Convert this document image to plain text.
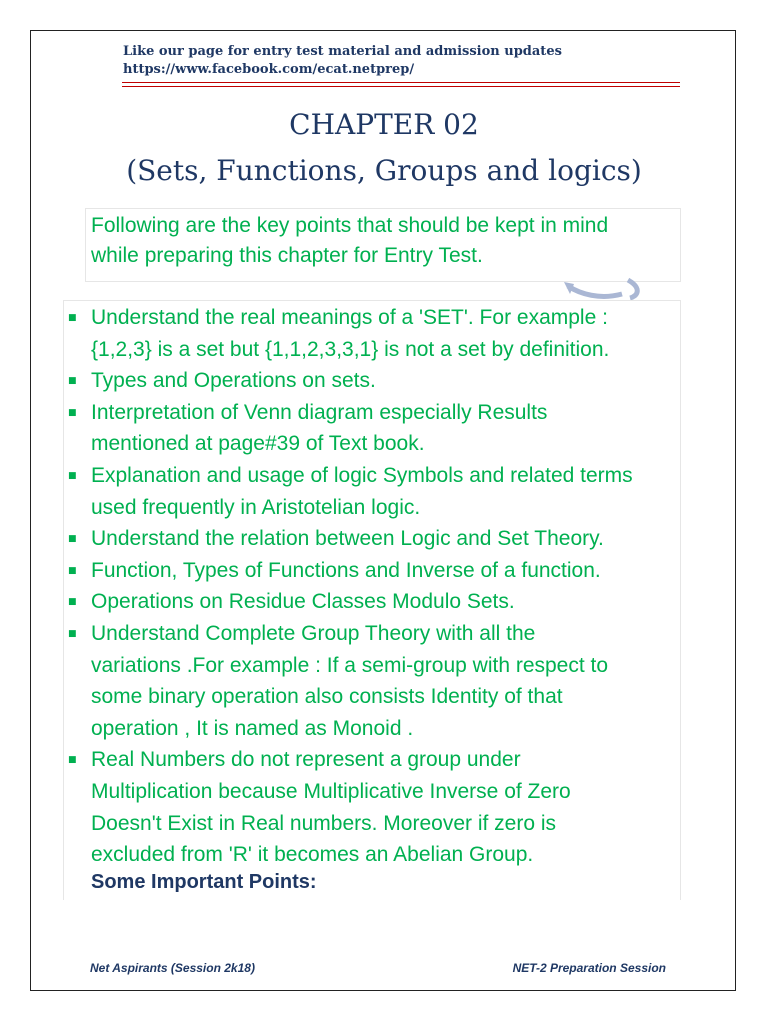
Like our page for entry test material and admission updates
https://www.facebook.com/ecat.netprep/
CHAPTER 02
(Sets, Functions, Groups and logics)
Following are the key points that should be kept in mind
while preparing this chapter for Entry Test.
■ Understand the real meanings of a 'SET'. For example :
{1,2,3} is a set but {1,1,2,3,3,1} is not a set by definition.
■ Types and Operations on sets.
■ Interpretation of Venn diagram especially Results
mentioned at page#39 of Text book.
■ Explanation and usage of logic Symbols and related terms
used frequently in Aristotelian logic.
■ Understand the relation between Logic and Set Theory.
■ Function, Types of Functions and Inverse of a function.
■ Operations on Residue Classes Modulo Sets.
■ Understand Complete Group Theory with all the
variations .For example : If a semi-group with respect to
some binary operation also consists Identity of that
operation , It is named as Monoid .
■ Real Numbers do not represent a group under
Multiplication because Multiplicative Inverse of Zero
Doesn't Exist in Real numbers. Moreover if zero is
excluded from 'R' it becomes an Abelian Group.
Some Important Points:
Net Aspirants (Session 2k18)	NET-2 Preparation Session
